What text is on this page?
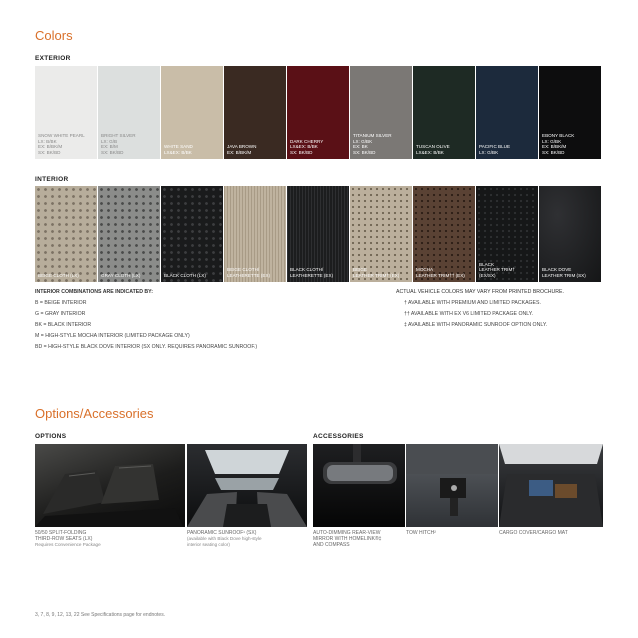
Colors
EXTERIOR
SNOW WHITE PEARL
LX: B/BK
EX: B/BK/M
SX: BK/BD
BRIGHT SILVER
LX: G/B
EX: B/M
SX: BK/BD
WHITE SAND
LX&EX: B/BK
JAVA BROWN
EX: B/BK/M
DARK CHERRY
LX&EX: B/BK
SX: BK/BD
TITANIUM SILVER
LX: G/BK
EX: BK
SX: BK/BD
TUSCAN OLIVE
LX&EX: B/BK
PACIFIC BLUE
LX: G/BK
EBONY BLACK
LX: G/BK
EX: B/BK/M
SX: BK/BD
INTERIOR
BEIGE CLOTH (LX)	GRAY CLOTH (LX)	BLACK CLOTH (LX)
BEIGE CLOTH/
LEATHERETTE (EX)
BLACK CLOTH/
LEATHERETTE (EX)
BEIGE
LEATHER TRIM† (EX)
MOCHA
LEATHER TRIM†† (EX)
BLACK
LEATHER TRIM†
(EX/SX)
BLACK DOVE
LEATHER TRIM (SX)
INTERIOR COMBINATIONS ARE INDICATED BY:
B = BEIGE INTERIOR
G = GRAY INTERIOR
BK = BLACK INTERIOR
M = HIGH-STYLE MOCHA INTERIOR (LIMITED PACKAGE ONLY)
BD = HIGH-STYLE BLACK DOVE INTERIOR (SX ONLY. REQUIRES PANORAMIC SUNROOF.)
ACTUAL VEHICLE COLORS MAY VARY FROM PRINTED BROCHURE.
† AVAILABLE WITH PREMIUM AND LIMITED PACKAGES.
†† AVAILABLE WITH EX V6 LIMITED PACKAGE ONLY.
‡ AVAILABLE WITH PANORAMIC SUNROOF OPTION ONLY.
Options/Accessories
OPTIONS	ACCESSORIES
50/50 SPLIT-FOLDING
THIRD-ROW SEATS (LX)
Requires Convenience Package
PANORAMIC SUNROOF¹ (SX)
(available with Black Dove high-style
interior seating color)
AUTO-DIMMING REAR-VIEW
MIRROR WITH HOMELINK®‡
AND COMPASS
TOW HITCH²	CARGO COVER/CARGO MAT
3, 7, 8, 9, 12, 13, 22 See Specifications page for endnotes.
